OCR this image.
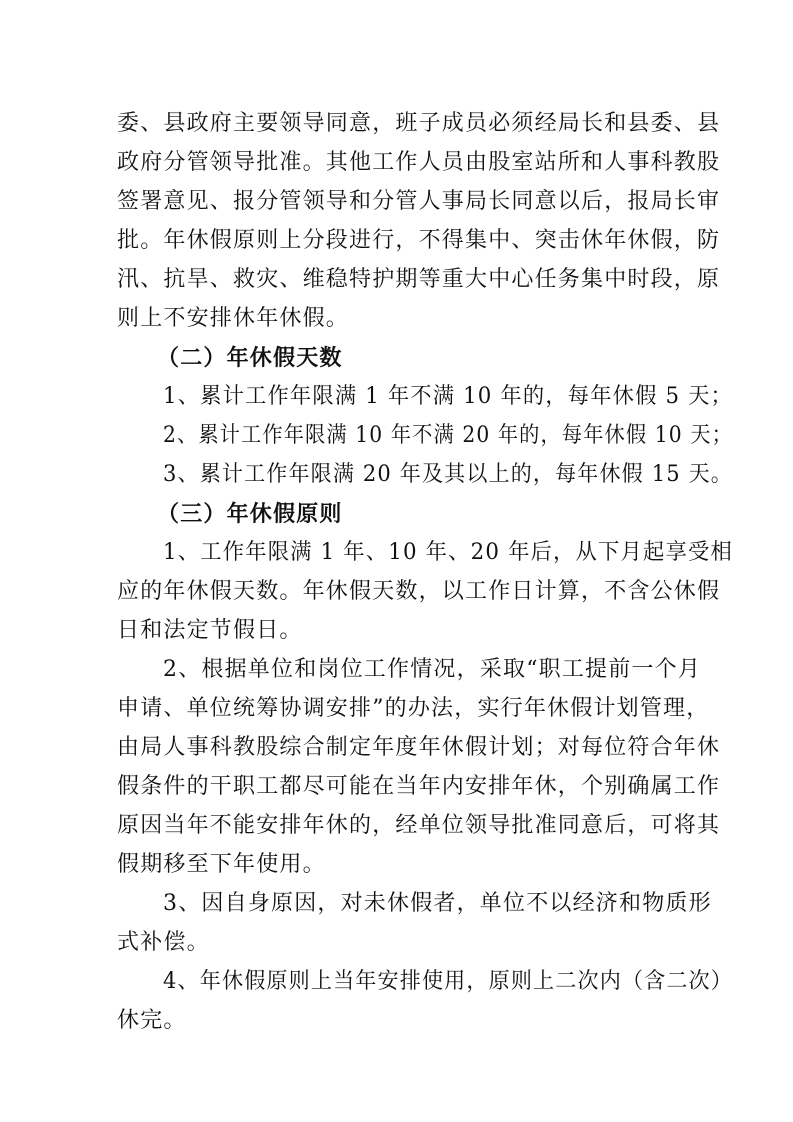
委、县政府主要领导同意，班子成员必须经局长和县委、县
政府分管领导批准。其他工作人员由股室站所和人事科教股
签署意见、报分管领导和分管人事局长同意以后，报局长审
批。年休假原则上分段进行，不得集中、突击休年休假，防
汛、抗旱、救灾、维稳特护期等重大中心任务集中时段，原
则上不安排休年休假。
（二）年休假天数
1、累计工作年限满 1 年不满 10 年的，每年休假 5 天；
2、累计工作年限满 10 年不满 20 年的，每年休假 10 天；
3、累计工作年限满 20 年及其以上的，每年休假 15 天。
（三）年休假原则
1、工作年限满 1 年、10 年、20 年后，从下月起享受相
应的年休假天数。年休假天数，以工作日计算，不含公休假
日和法定节假日。
2、根据单位和岗位工作情况，采取“职工提前一个月
申请、单位统筹协调安排”的办法，实行年休假计划管理，
由局人事科教股综合制定年度年休假计划；对每位符合年休
假条件的干职工都尽可能在当年内安排年休，个别确属工作
原因当年不能安排年休的，经单位领导批准同意后，可将其
假期移至下年使用。
3、因自身原因，对未休假者，单位不以经济和物质形
式补偿。
4、年休假原则上当年安排使用，原则上二次内（含二次）
休完。
